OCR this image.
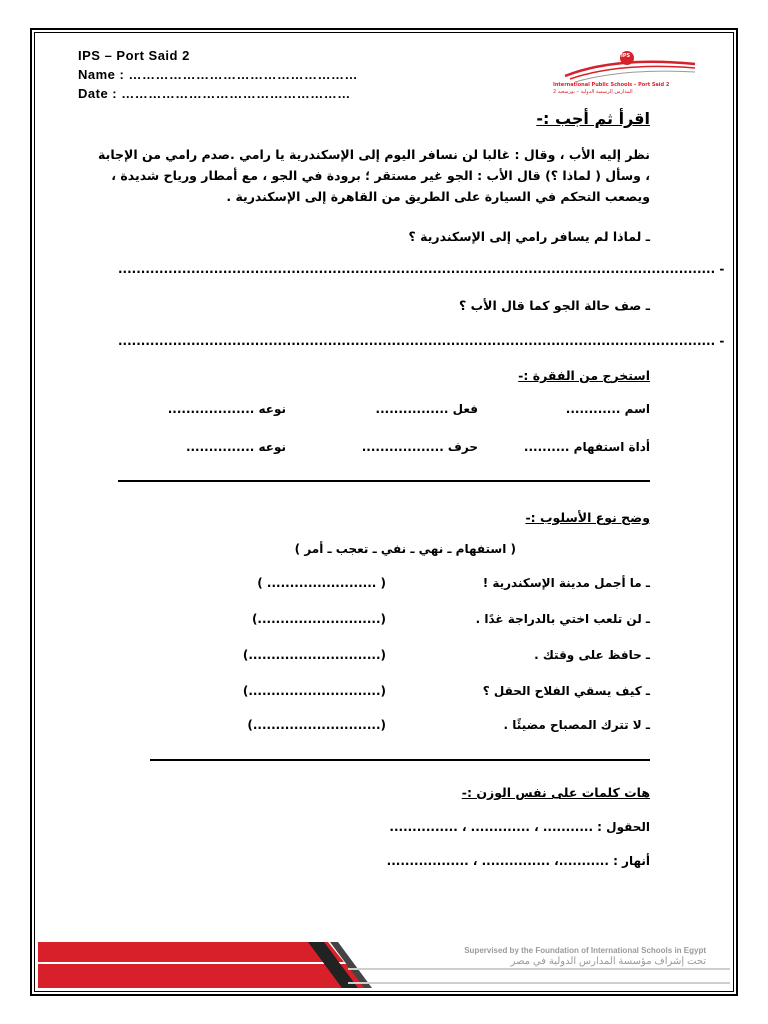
IPS – Port Said 2
Name : ……………………………………………
Date : ……………………………………………
IPS
International Public Schools – Port Said 2
المدارس الرسمية الدولية – بورسعيد 2
اقرأ ثم أجب :-
نظر إليه الأب ، وقال : غالبا لن نسافر اليوم إلى الإسكندرية يا رامي .صدم رامي من الإجابة
، وسأل ( لماذا ؟) قال الأب : الجو غير مستقر ؛ برودة في الجو ، مع أمطار ورياح شديدة ،
ويصعب التحكم في السيارة على الطريق من القاهرة إلى الإسكندرية .
ـ لماذا لم يسافر رامي إلى الإسكندرية ؟
................................................................................................................................... -
ـ صف حالة الجو كما قال الأب ؟
................................................................................................................................... -
استخرج من الفقرة :-
اسم ............
فعل ................
نوعه ...................
أداة استفهام ..........
حرف ..................
نوعه ...............
وضح نوع الأسلوب :-
( استفهام ـ نهي ـ نفي ـ تعجب ـ أمر )
ـ ما أجمل مدينة الإسكندرية !
( ........................ )
ـ لن تلعب اختي بالدراجة غدًا .
(...........................)
ـ حافظ على وقتك .
(.............................)
ـ كيف يسقي الفلاح الحقل ؟
(.............................)
ـ لا تترك المصباح مضيئًا .
(............................)
هات كلمات على نفس الوزن :-
الحقول : ........... ، ............. ، ...............
أنهار : ...........، ............... ، ..................
Supervised by the Foundation of International Schools in Egypt
تحت إشراف مؤسسة المدارس الدولية في مصر
